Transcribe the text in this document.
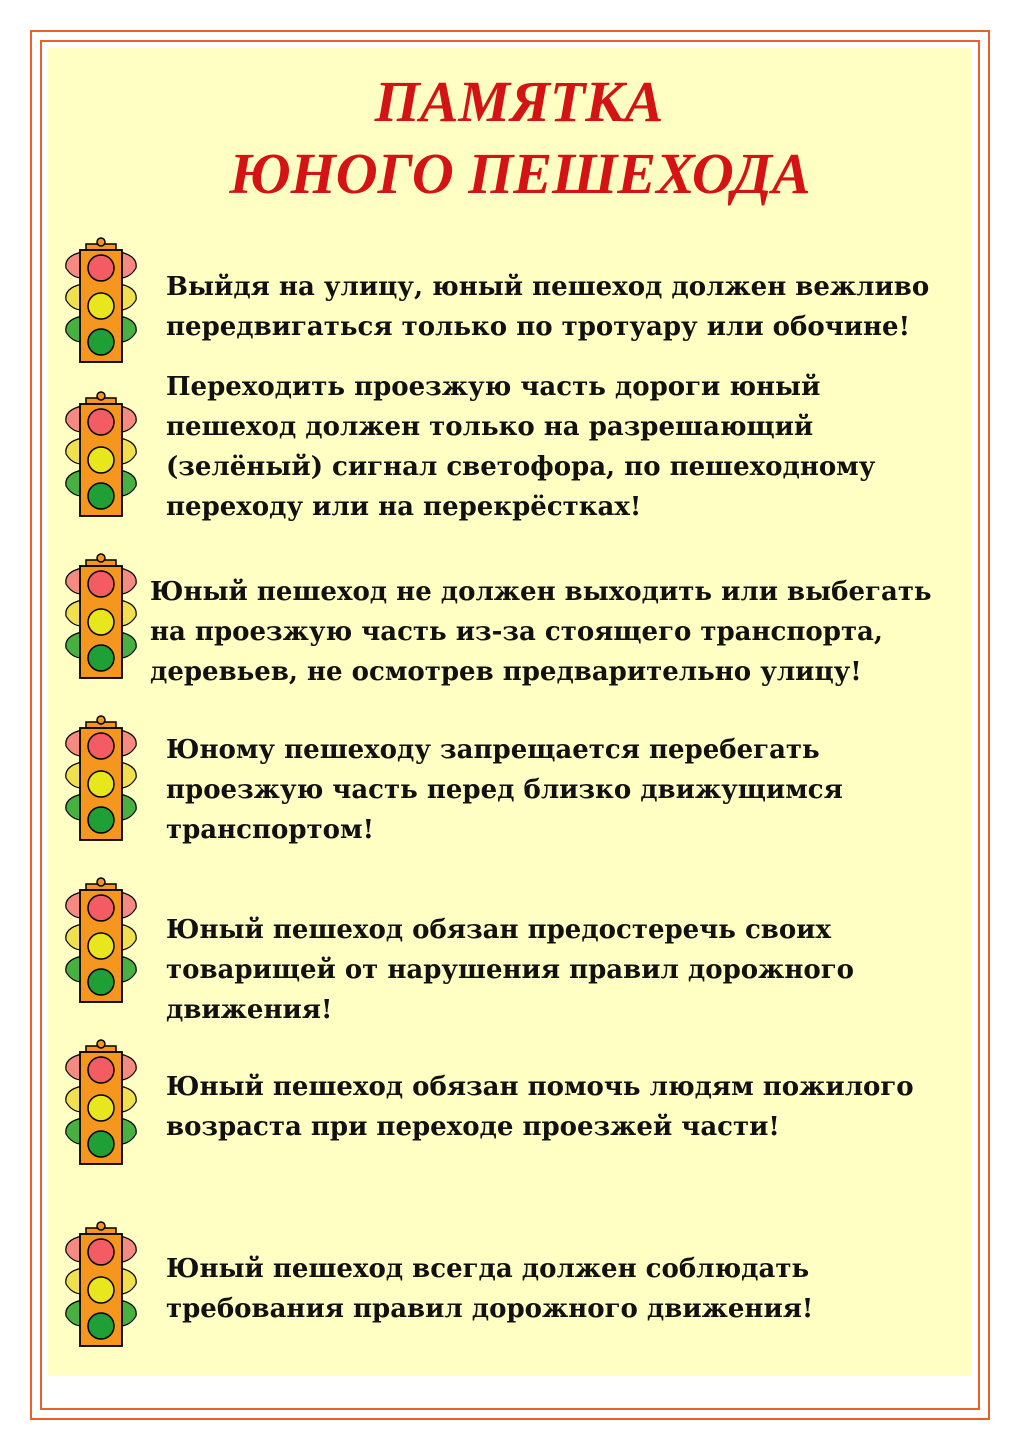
ПАМЯТКА
ЮНОГО ПЕШЕХОДА
Выйдя на улицу, юный пешеход должен вежливо
передвигаться только по тротуару или обочине!
Переходить проезжую часть дороги юный
пешеход должен только на разрешающий
(зелёный) сигнал светофора, по пешеходному
переходу или на перекрёстках!
Юный пешеход не должен выходить или выбегать
на проезжую часть из-за стоящего транспорта,
деревьев, не осмотрев предварительно улицу!
Юному пешеходу запрещается перебегать
проезжую часть перед близко движущимся
транспортом!
Юный пешеход обязан предостеречь своих
товарищей от нарушения правил дорожного
движения!
Юный пешеход обязан помочь людям пожилого
возраста при переходе проезжей части!
Юный пешеход всегда должен соблюдать
требования правил дорожного движения!
